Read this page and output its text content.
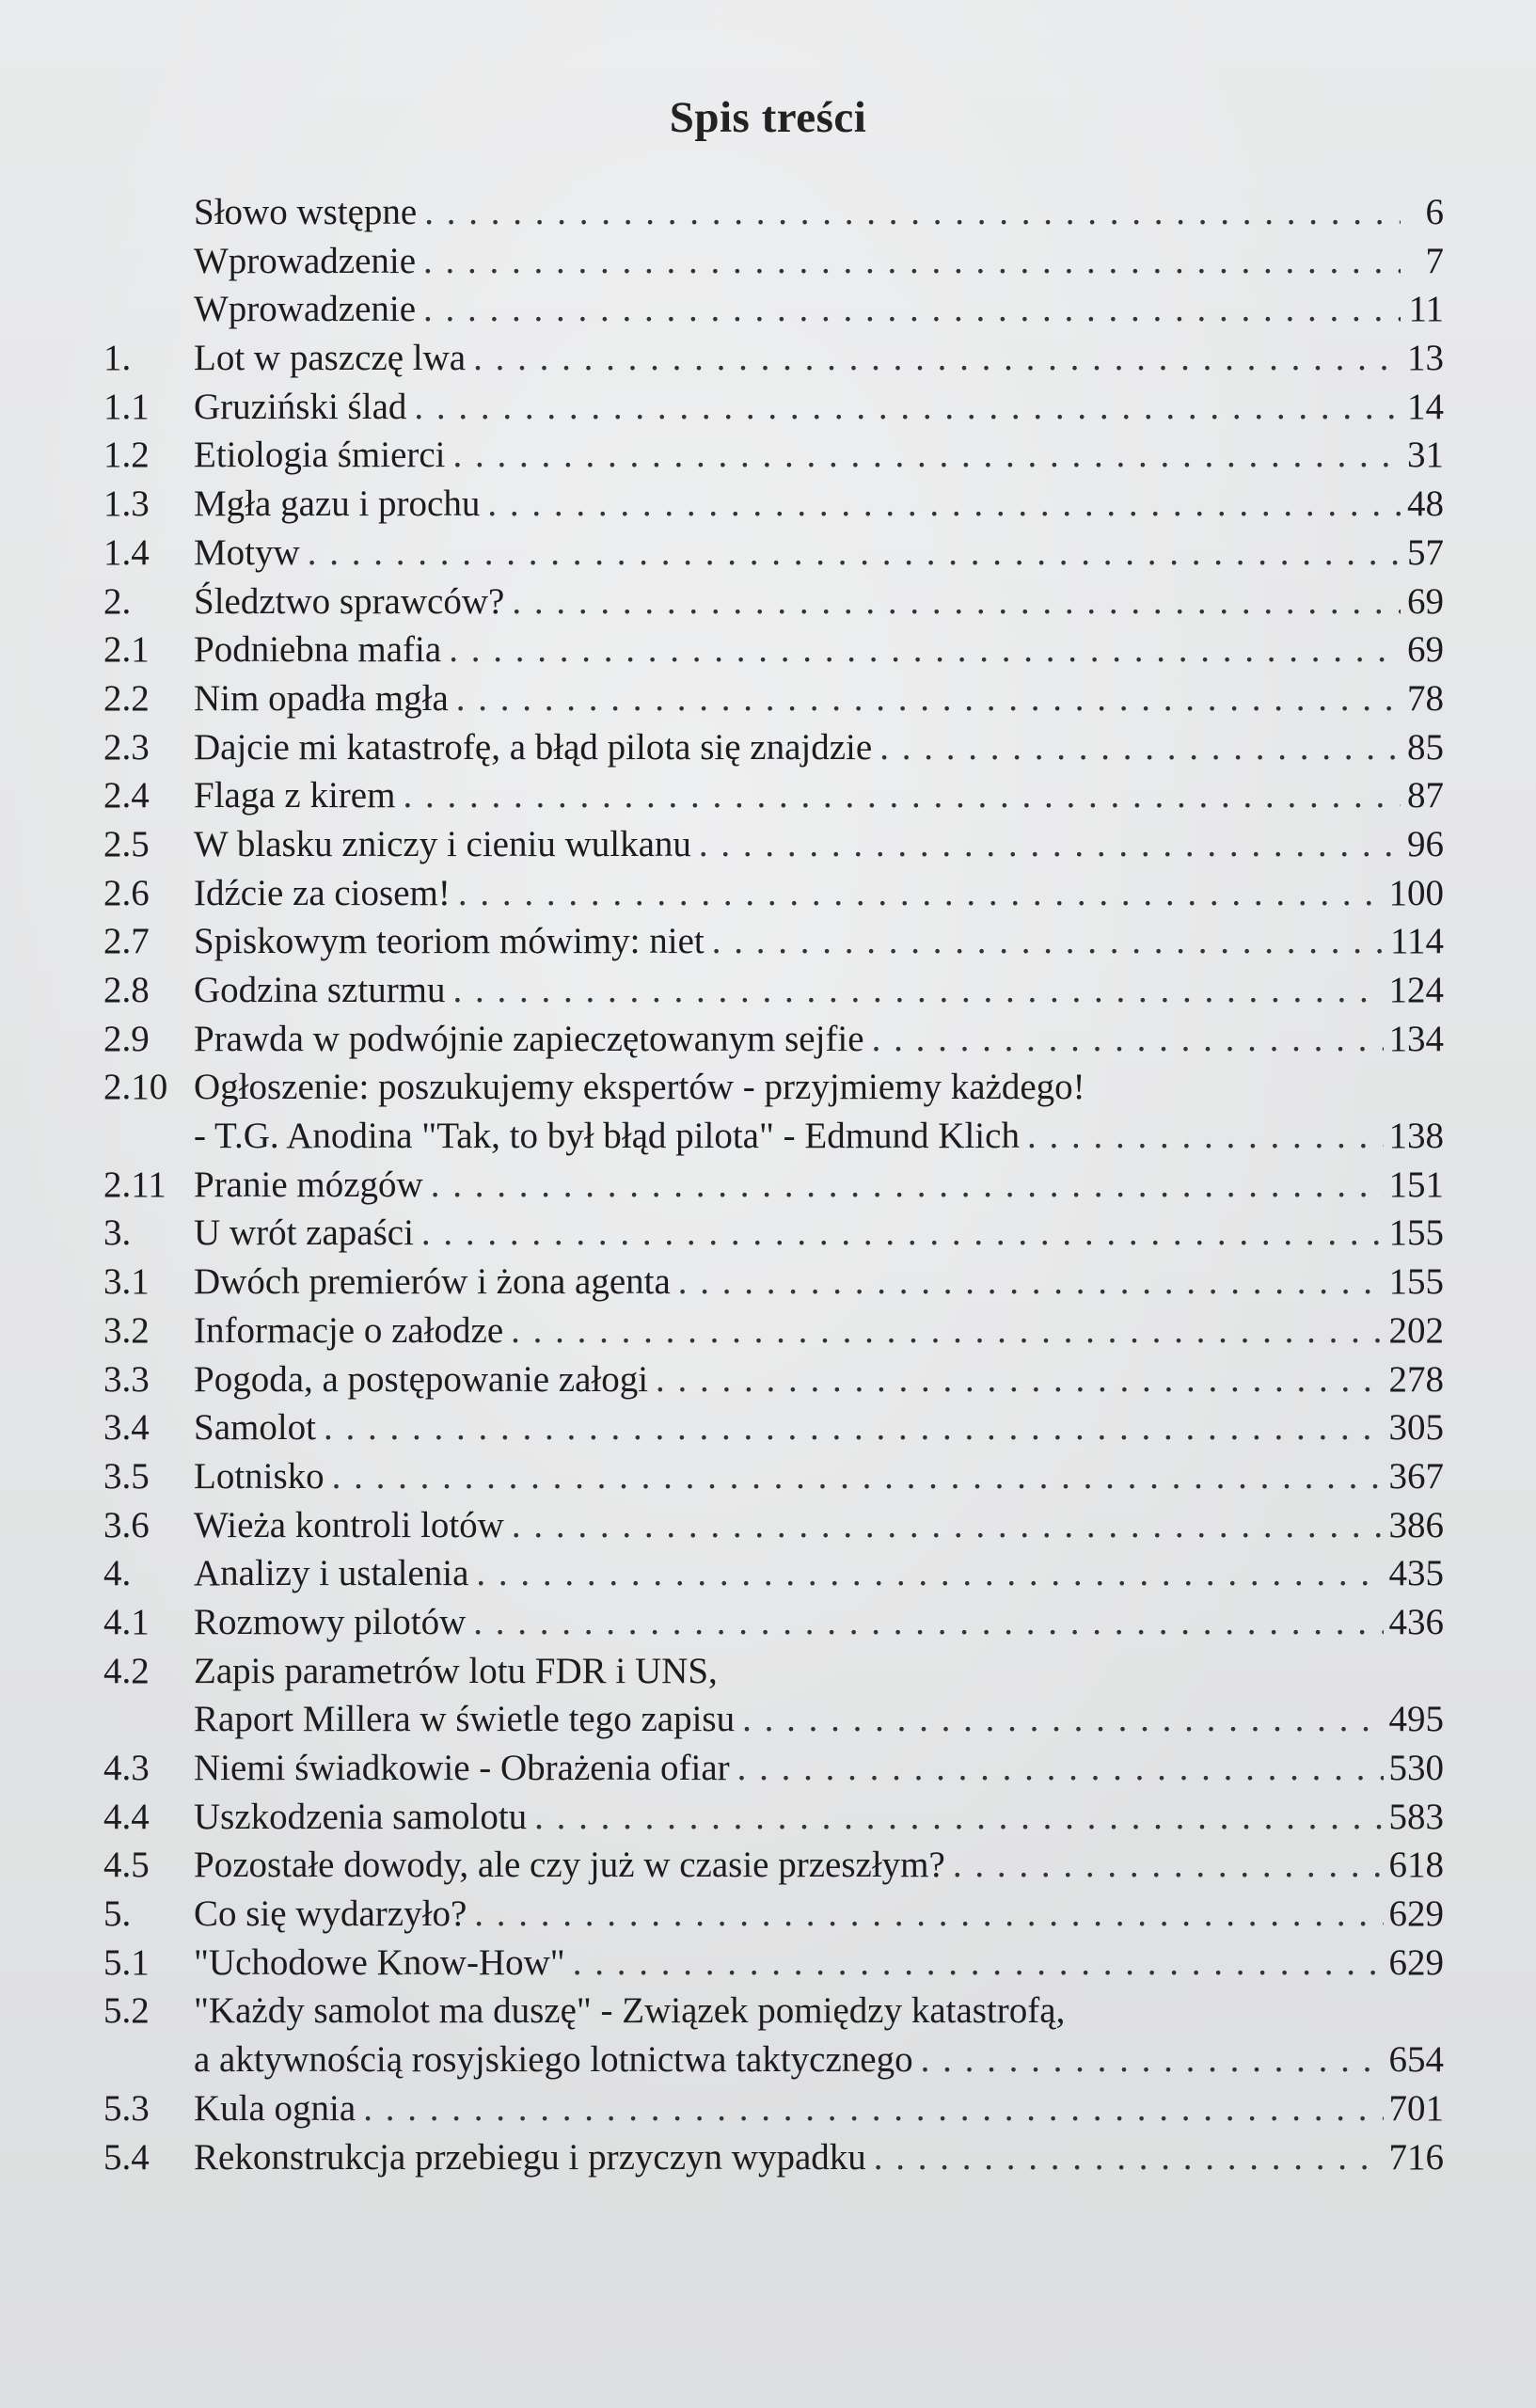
Spis treści
Słowo wstępne . . .	6
Wprowadzenie . . .	7
Wprowadzenie . . .	11
1.	Lot w paszczę lwa . . .	13
1.1	Gruziński ślad . . .	14
1.2	Etiologia śmierci . . .	31
1.3	Mgła gazu i prochu . . .	48
1.4	Motyw . . .	57
2.	Śledztwo sprawców? . . .	69
2.1	Podniebna mafia . . .	69
2.2	Nim opadła mgła . . .	78
2.3	Dajcie mi katastrofę, a błąd pilota się znajdzie . . .	85
2.4	Flaga z kirem . . .	87
2.5	W blasku zniczy i cieniu wulkanu . . .	96
2.6	Idźcie za ciosem! . . .	100
2.7	Spiskowym teoriom mówimy: niet . . .	114
2.8	Godzina szturmu . . .	124
2.9	Prawda w podwójnie zapieczętowanym sejfie . . .	134
2.10 Ogłoszenie: poszukujemy ekspertów - przyjmiemy każdego!
- T.G. Anodina "Tak, to był błąd pilota" - Edmund Klich . . .	138
2.11 Pranie mózgów . . .	151
3.	U wrót zapaści . . .	155
3.1	Dwóch premierów i żona agenta . . .	155
3.2	Informacje o załodze . . .	202
3.3	Pogoda, a postępowanie załogi . . .	278
3.4	Samolot . . .	305
3.5	Lotnisko . . .	367
3.6	Wieża kontroli lotów . . .	386
4.	Analizy i ustalenia . . .	435
4.1	Rozmowy pilotów . . .	436
4.2	Zapis parametrów lotu FDR i UNS,
Raport Millera w świetle tego zapisu . . .	495
4.3	Niemi świadkowie - Obrażenia ofiar . . .	530
4.4	Uszkodzenia samolotu . . .	583
4.5	Pozostałe dowody, ale czy już w czasie przeszłym? . . .	618
5.	Co się wydarzyło? . . .	629
5.1	"Uchodowe Know-How" . . .	629
5.2	"Każdy samolot ma duszę" - Związek pomiędzy katastrofą,
a aktywnością rosyjskiego lotnictwa taktycznego . . .	654
5.3	Kula ognia . . .	701
5.4	Rekonstrukcja przebiegu i przyczyn wypadku . . .	716
